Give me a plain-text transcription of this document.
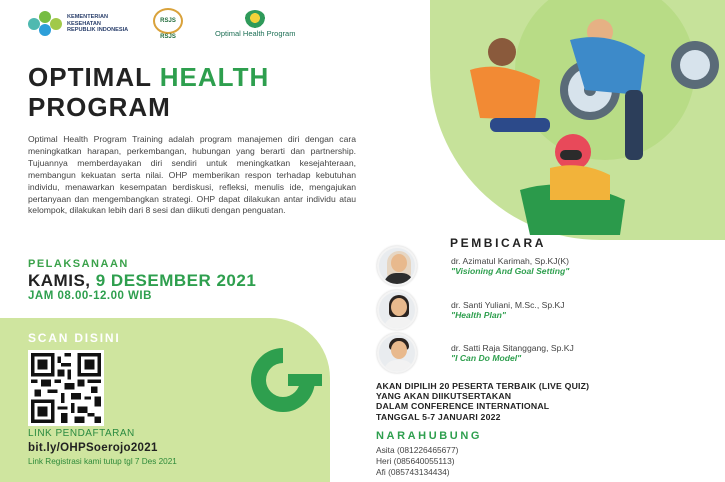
KEMENTERIAN KESEHATAN REPUBLIK INDONESIA
RSJS
RSJS	Optimal Health Program
OPTIMAL HEALTH
PROGRAM

Optimal Health Program Training adalah program manajemen diri dengan cara meningkatkan harapan, perkembangan, hubungan yang berarti dan partnership. Tujuannya memberdayakan diri sendiri untuk meningkatkan kesejahteraan, membangun kekuatan serta nilai. OHP memberikan respon terhadap kebutuhan individu, menawarkan kesempatan berdiskusi, refleksi, menulis ide, mengajukan pertanyaan dan mengembangkan strategi. OHP dapat dilakukan antar individu atau kelompok, dilakukan lebih dari 8 sesi dan diikuti dengan penguatan.

PELAKSANAAN
KAMIS, 9 DESEMBER 2021
JAM 08.00-12.00 WIB
SCAN DISINI
LINK PENDAFTARAN
bit.ly/OHPSoerojo2021
Link Registrasi kami tutup tgl 7 Des 2021
PEMBICARA
dr. Azimatul Karimah, Sp.KJ(K)
"Visioning And Goal Setting"
dr. Santi Yuliani, M.Sc., Sp.KJ
"Health Plan"
dr. Satti Raja Sitanggang, Sp.KJ
"I Can Do Model"
AKAN DIPILIH 20 PESERTA TERBAIK (LIVE QUIZ)
YANG AKAN DIIKUTSERTAKAN
DALAM CONFERENCE INTERNATIONAL
TANGGAL 5-7 JANUARI 2022
NARAHUBUNG
Asita (081226465677)
Heri (085640055113)
Afi (085743134434)
